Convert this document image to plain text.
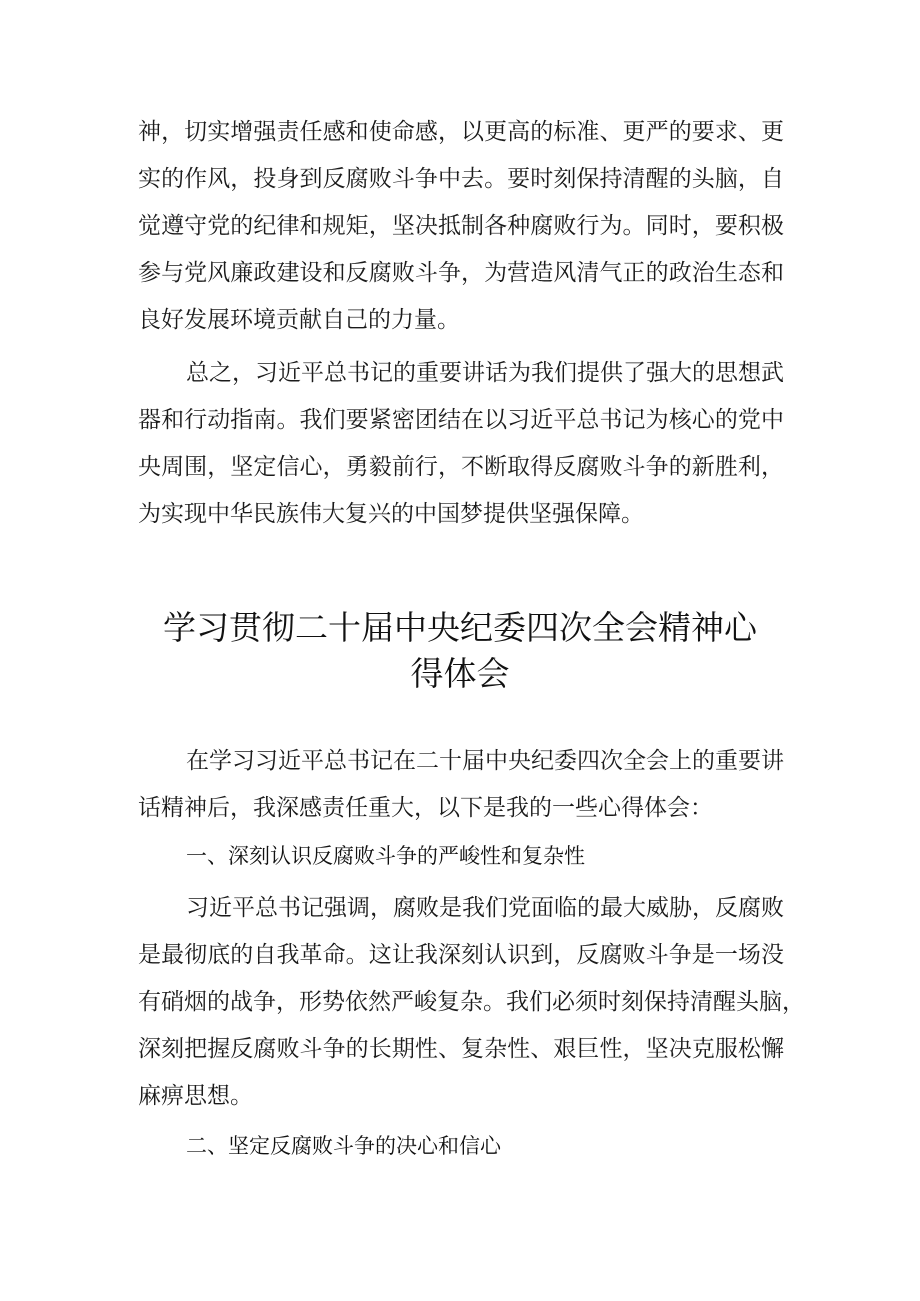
神，切实增强责任感和使命感，以更高的标准、更严的要求、更
实的作风，投身到反腐败斗争中去。要时刻保持清醒的头脑，自
觉遵守党的纪律和规矩，坚决抵制各种腐败行为。同时，要积极
参与党风廉政建设和反腐败斗争，为营造风清气正的政治生态和
良好发展环境贡献自己的力量。
总之，习近平总书记的重要讲话为我们提供了强大的思想武
器和行动指南。我们要紧密团结在以习近平总书记为核心的党中
央周围，坚定信心，勇毅前行，不断取得反腐败斗争的新胜利，
为实现中华民族伟大复兴的中国梦提供坚强保障。
学习贯彻二十届中央纪委四次全会精神心
得体会
在学习习近平总书记在二十届中央纪委四次全会上的重要讲
话精神后，我深感责任重大，以下是我的一些心得体会：
一、深刻认识反腐败斗争的严峻性和复杂性
习近平总书记强调，腐败是我们党面临的最大威胁，反腐败
是最彻底的自我革命。这让我深刻认识到，反腐败斗争是一场没
有硝烟的战争，形势依然严峻复杂。我们必须时刻保持清醒头脑，
深刻把握反腐败斗争的长期性、复杂性、艰巨性，坚决克服松懈
麻痹思想。
二、坚定反腐败斗争的决心和信心
